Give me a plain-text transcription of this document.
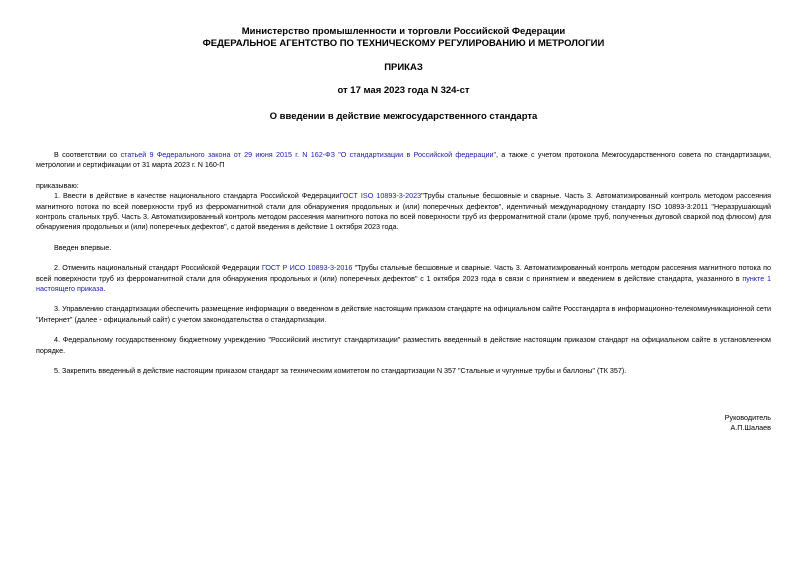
Министерство промышленности и торговли Российской Федерации
ФЕДЕРАЛЬНОЕ АГЕНТСТВО ПО ТЕХНИЧЕСКОМУ РЕГУЛИРОВАНИЮ И МЕТРОЛОГИИ
ПРИКАЗ
от 17 мая 2023 года N 324-ст
О введении в действие межгосударственного стандарта

В соответствии со статьей 9 Федерального закона от 29 июня 2015 г. N 162-ФЗ "О стандартизации в Российской федерации", а также с учетом протокола Межгосударственного совета по стандартизации, метрологии и сертификации от 31 марта 2023 г. N 160-П

приказываю:

1. Ввести в действие в качестве национального стандарта Российской ФедерацииГОСТ ISO 10893-3-2023"Трубы стальные бесшовные и сварные. Часть 3. Автоматизированный контроль методом рассеяния магнитного потока по всей поверхности труб из ферромагнитной стали для обнаружения продольных и (или) поперечных дефектов", идентичный международному стандарту ISO 10893-3:2011 "Неразрушающий контроль стальных труб. Часть 3. Автоматизированный контроль методом рассеяния магнитного потока по всей поверхности труб из ферромагнитной стали (кроме труб, полученных дуговой сваркой под флюсом) для обнаружения продольных и (или) поперечных дефектов", с датой введения в действие 1 октября 2023 года.

Введен впервые.

2. Отменить национальный стандарт Российской Федерации ГОСТ Р ИСО 10893-3-2016 "Трубы стальные бесшовные и сварные. Часть 3. Автоматизированный контроль методом рассеяния магнитного потока по всей поверхности труб из ферромагнитной стали для обнаружения продольных и (или) поперечных дефектов" с 1 октября 2023 года в связи с принятием и введением в действие стандарта, указанного в пункте 1 настоящего приказа.

3. Управлению стандартизации обеспечить размещение информации о введенном в действие настоящим приказом стандарте на официальном сайте Росстандарта в информационно-телекоммуникационной сети "Интернет" (далее - официальный сайт) с учетом законодательства о стандартизации.

4. Федеральному государственному бюджетному учреждению "Российский институт стандартизации" разместить введенный в действие настоящим приказом стандарт на официальном сайте в установленном порядке.

5. Закрепить введенный в действие настоящим приказом стандарт за техническим комитетом по стандартизации N 357 "Стальные и чугунные трубы и баллоны" (ТК 357).

Руководитель
А.П.Шалаев
